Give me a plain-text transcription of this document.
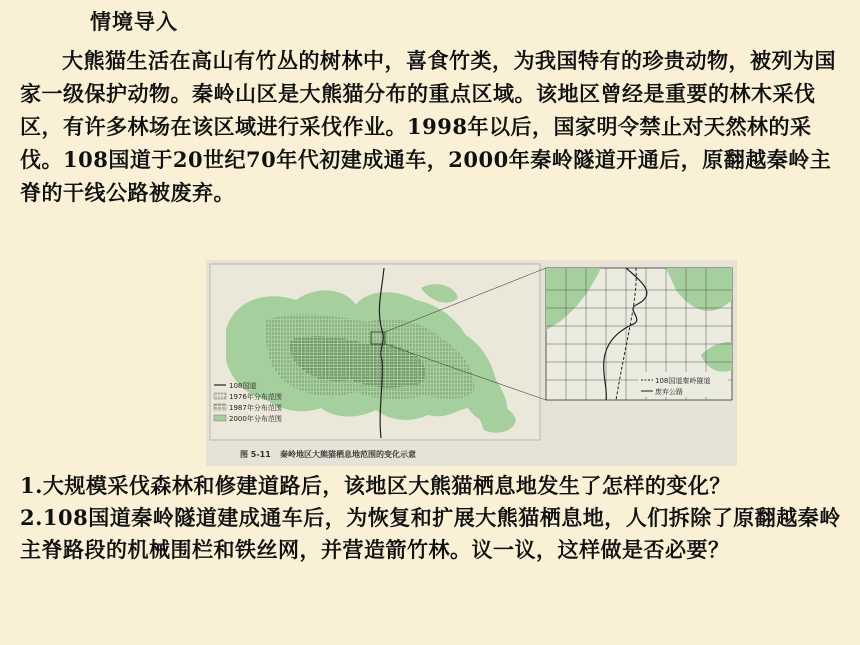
情境导入
大熊猫生活在高山有竹丛的树林中，喜食竹类，为我国特有的珍贵动物，被列为国家一级保护动物。秦岭山区是大熊猫分布的重点区域。该地区曾经是重要的林木采伐区，有许多林场在该区域进行采伐作业。1998年以后，国家明令禁止对天然林的采伐。108国道于20世纪70年代初建成通车，2000年秦岭隧道开通后，原翻越秦岭主脊的干线公路被废弃。
108国道
1976年分布范围
1987年分布范围
2000年分布范围
108国道秦岭隧道
废弃公路
图 5-11 秦岭地区大熊猫栖息地范围的变化示意

1.大规模采伐森林和修建道路后，该地区大熊猫栖息地发生了怎样的变化？

2.108国道秦岭隧道建成通车后，为恢复和扩展大熊猫栖息地，人们拆除了原翻越秦岭主脊路段的机械围栏和铁丝网，并营造箭竹林。议一议，这样做是否必要？
